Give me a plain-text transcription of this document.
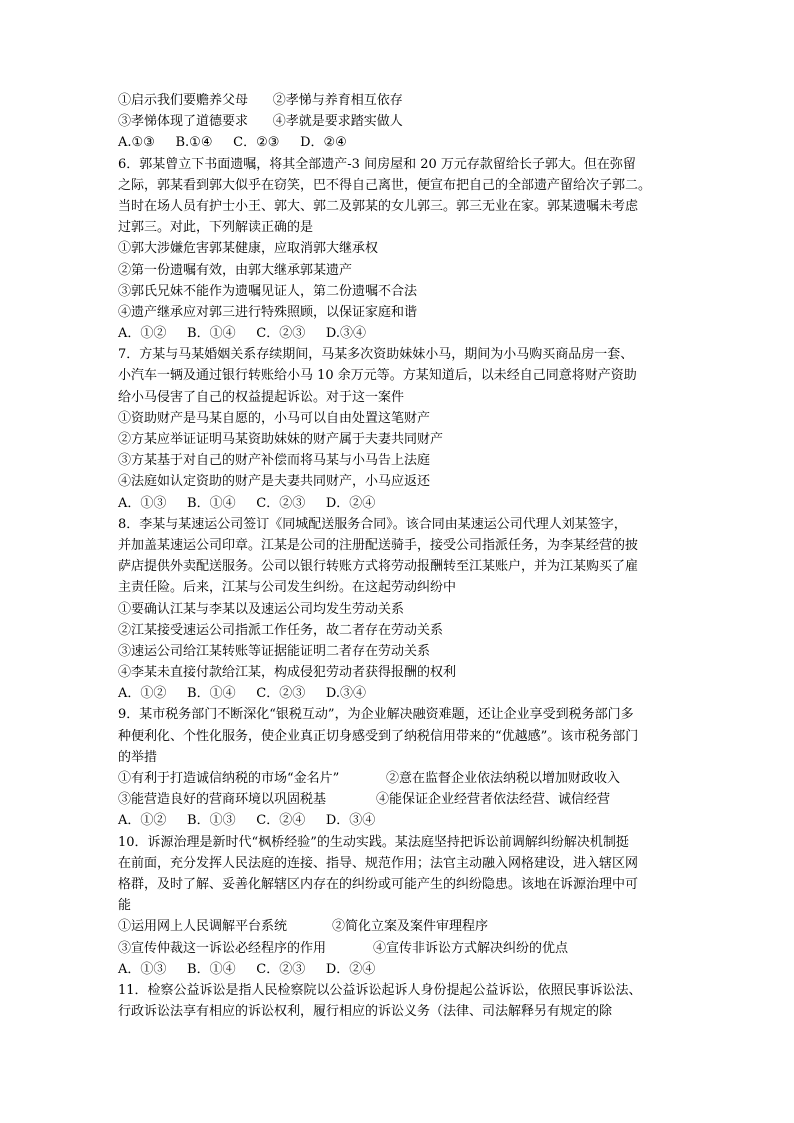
①启示我们要赡养父母      ②孝悌与养育相互依存

③孝悌体现了道德要求      ④孝就是要求踏实做人

A.①③     B.①④     C．②③     D．②④

6．郭某曾立下书面遗嘱，将其全部遗产-3 间房屋和 20 万元存款留给长子郭大。但在弥留

之际，郭某看到郭大似乎在窃笑，巴不得自己离世，便宣布把自己的全部遗产留给次子郭二。

当时在场人员有护士小王、郭大、郭二及郭某的女儿郭三。郭三无业在家。郭某遗嘱未考虑

过郭三。对此，下列解读正确的是

①郭大涉嫌危害郭某健康，应取消郭大继承权

②第一份遗嘱有效，由郭大继承郭某遗产

③郭氏兄妹不能作为遗嘱见证人，第二份遗嘱不合法

④遗产继承应对郭三进行特殊照顾，以保证家庭和谐

A．①②     B．①④     C．②③     D.③④

7．方某与马某婚姻关系存续期间，马某多次资助妹妹小马，期间为小马购买商品房一套、

小汽车一辆及通过银行转账给小马 10 余万元等。方某知道后，以未经自己同意将财产资助

给小马侵害了自己的权益提起诉讼。对于这一案件

①资助财产是马某自愿的，小马可以自由处置这笔财产

②方某应举证证明马某资助妹妹的财产属于夫妻共同财产

③方某基于对自己的财产补偿而将马某与小马告上法庭

④法庭如认定资助的财产是夫妻共同财产，小马应返还

A．①③     B．①④     C．②③     D．②④

8．李某与某速运公司签订《同城配送服务合同》。该合同由某速运公司代理人刘某签字，

并加盖某速运公司印章。江某是公司的注册配送骑手，接受公司指派任务，为李某经营的披

萨店提供外卖配送服务。公司以银行转账方式将劳动报酬转至江某账户，并为江某购买了雇

主责任险。后来，江某与公司发生纠纷。在这起劳动纠纷中

①要确认江某与李某以及速运公司均发生劳动关系

②江某接受速运公司指派工作任务，故二者存在劳动关系

③速运公司给江某转账等证据能证明二者存在劳动关系

④李某未直接付款给江某，构成侵犯劳动者获得报酬的权利

A．①②     B．①④     C．②③     D.③④

9．某市税务部门不断深化“银税互动”，为企业解决融资难题，还让企业享受到税务部门多

种便利化、个性化服务，使企业真正切身感受到了纳税信用带来的“优越感”。该市税务部门

的举措

①有利于打造诚信纳税的市场“金名片”	②意在监督企业依法纳税以增加财政收入
③能营造良好的营商环境以巩固税基	④能保证企业经营者依法经营、诚信经营

A．①②     B．①③     C．②④     D．③④

10．诉源治理是新时代“枫桥经验”的生动实践。某法庭坚持把诉讼前调解纠纷解决机制挺

在前面，充分发挥人民法庭的连接、指导、规范作用；法官主动融入网格建设，进入辖区网

格群，及时了解、妥善化解辖区内存在的纠纷或可能产生的纠纷隐患。该地在诉源治理中可

能

①运用网上人民调解平台系统	②简化立案及案件审理程序
③宣传仲裁这一诉讼必经程序的作用	④宣传非诉讼方式解决纠纷的优点

A．①③     B．①④     C．②③     D．②④

11．检察公益诉讼是指人民检察院以公益诉讼起诉人身份提起公益诉讼，依照民事诉讼法、

行政诉讼法享有相应的诉讼权利，履行相应的诉讼义务（法律、司法解释另有规定的除
